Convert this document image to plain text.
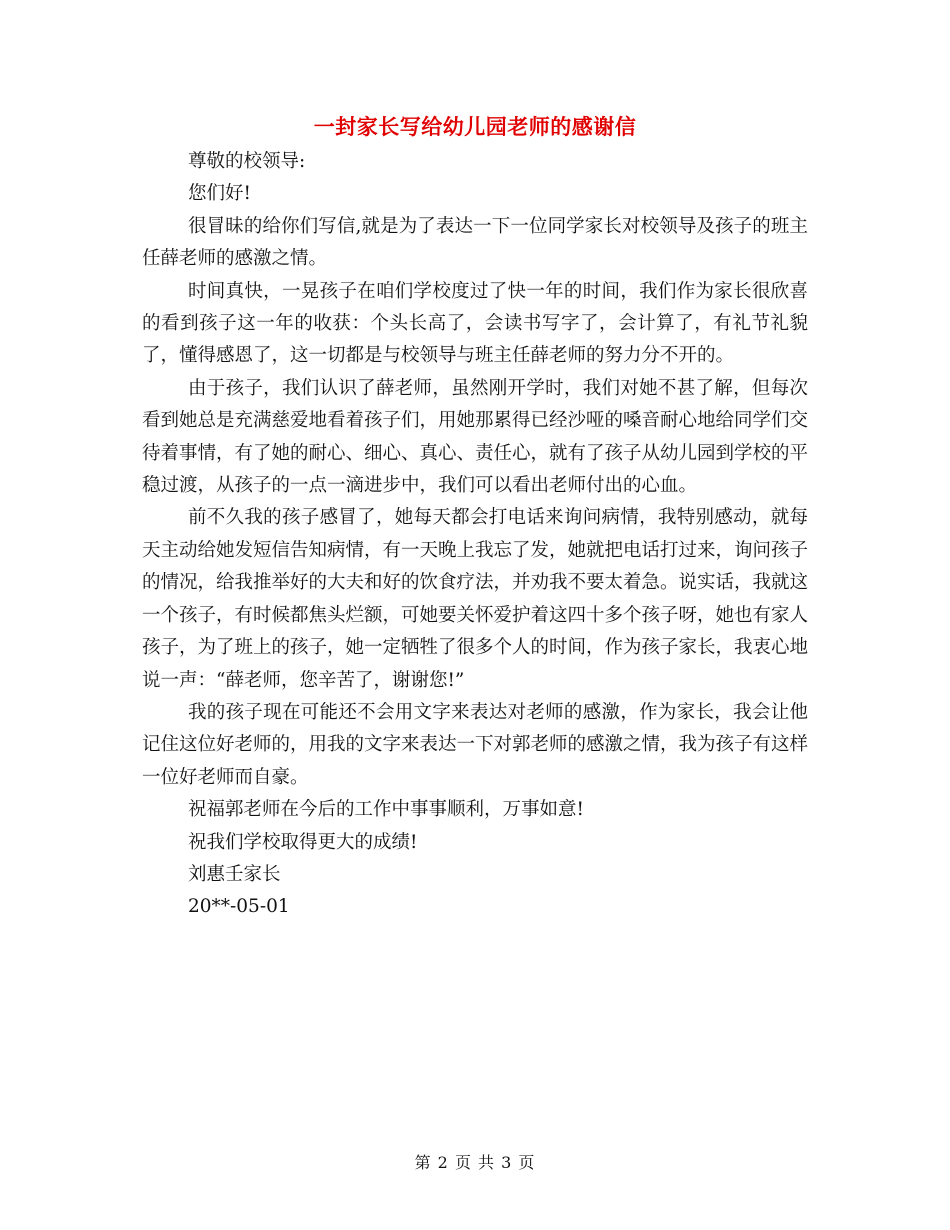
一封家长写给幼儿园老师的感谢信

尊敬的校领导:

您们好!

很冒昧的给你们写信,就是为了表达一下一位同学家长对校领导及孩子的班主任薛老师的感激之情。

时间真快，一晃孩子在咱们学校度过了快一年的时间，我们作为家长很欣喜的看到孩子这一年的收获：个头长高了，会读书写字了，会计算了，有礼节礼貌了，懂得感恩了，这一切都是与校领导与班主任薛老师的努力分不开的。

由于孩子，我们认识了薛老师，虽然刚开学时，我们对她不甚了解，但每次看到她总是充满慈爱地看着孩子们，用她那累得已经沙哑的嗓音耐心地给同学们交待着事情，有了她的耐心、细心、真心、责任心，就有了孩子从幼儿园到学校的平稳过渡，从孩子的一点一滴进步中，我们可以看出老师付出的心血。

前不久我的孩子感冒了，她每天都会打电话来询问病情，我特别感动，就每天主动给她发短信告知病情，有一天晚上我忘了发，她就把电话打过来，询问孩子的情况，给我推举好的大夫和好的饮食疗法，并劝我不要太着急。说实话，我就这一个孩子，有时候都焦头烂额，可她要关怀爱护着这四十多个孩子呀，她也有家人孩子，为了班上的孩子，她一定牺牲了很多个人的时间，作为孩子家长，我衷心地说一声：“薛老师，您辛苦了，谢谢您!”

我的孩子现在可能还不会用文字来表达对老师的感激，作为家长，我会让他记住这位好老师的，用我的文字来表达一下对郭老师的感激之情，我为孩子有这样一位好老师而自豪。

祝福郭老师在今后的工作中事事顺利，万事如意!

祝我们学校取得更大的成绩!

刘惠壬家长

20**-05-01

第 2 页 共 3 页
